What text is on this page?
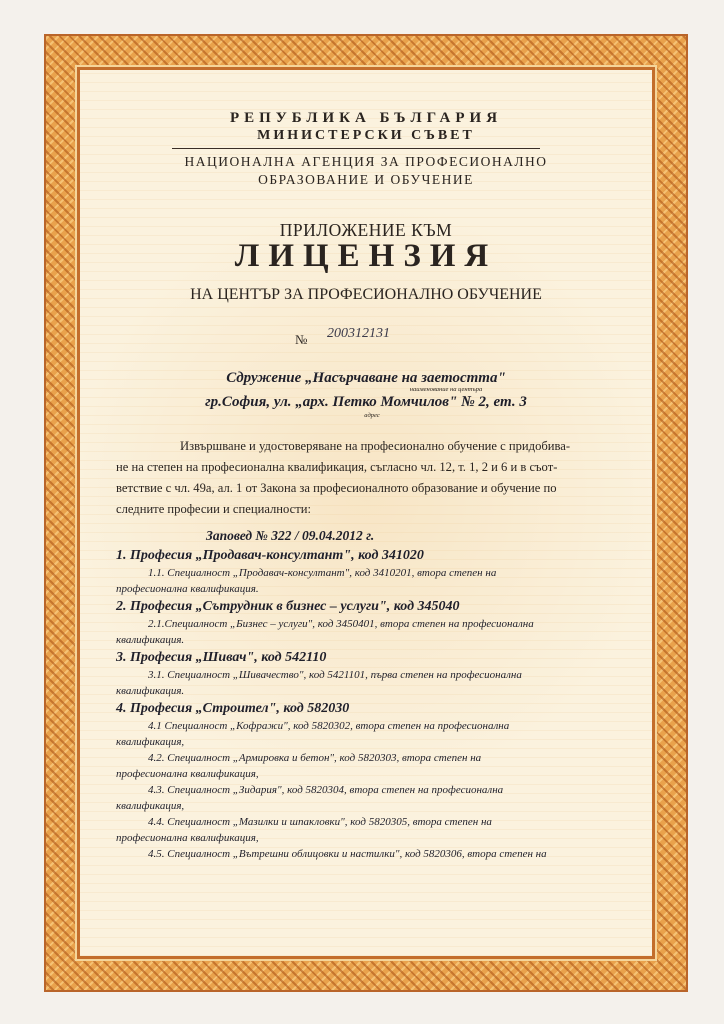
РЕПУБЛИКА БЪЛГАРИЯ
МИНИСТЕРСКИ СЪВЕТ
НАЦИОНАЛНА АГЕНЦИЯ ЗА ПРОФЕСИОНАЛНО
ОБРАЗОВАНИЕ И ОБУЧЕНИЕ
ПРИЛОЖЕНИЕ КЪМ
ЛИЦЕНЗИЯ
НА ЦЕНТЪР ЗА ПРОФЕСИОНАЛНО ОБУЧЕНИЕ
№ 200312131
Сдружение „Насърчаване на заетостта"
наименование на центъра
гр.София, ул. „арх. Петко Момчилов" № 2, ет. 3
адрес
Извършване и удостоверяване на професионално обучение с придобива-
не на степен на професионална квалификация, съгласно чл. 12, т. 1, 2 и 6 и в съот-
ветствие с чл. 49а, ал. 1 от Закона за професионалното образование и обучение по
следните професии и специалности:
Заповед № 322 / 09.04.2012 г.
1. Професия „Продавач-консултант", код 341020
1.1. Специалност „Продавач-консултант", код 3410201, втора степен на
професионална квалификация.
2. Професия „Сътрудник в бизнес – услуги", код 345040
2.1.Специалност „Бизнес – услуги", код 3450401, втора степен на професионална
квалификация.
3. Професия „Шивач", код 542110
3.1. Специалност „Шивачество", код 5421101, първа степен на професионална
квалификация.
4. Професия „Строител", код 582030
4.1 Специалност „Кофражи", код 5820302, втора степен на професионална
квалификация,
4.2. Специалност „Армировка и бетон", код 5820303, втора степен на
професионална квалификация,
4.3. Специалност „Зидария", код 5820304, втора степен на професионална
квалификация,
4.4. Специалност „Мазилки и шпакловки", код 5820305, втора степен на
професионална квалификация,
4.5. Специалност „Вътрешни облицовки и настилки", код 5820306, втора степен на
